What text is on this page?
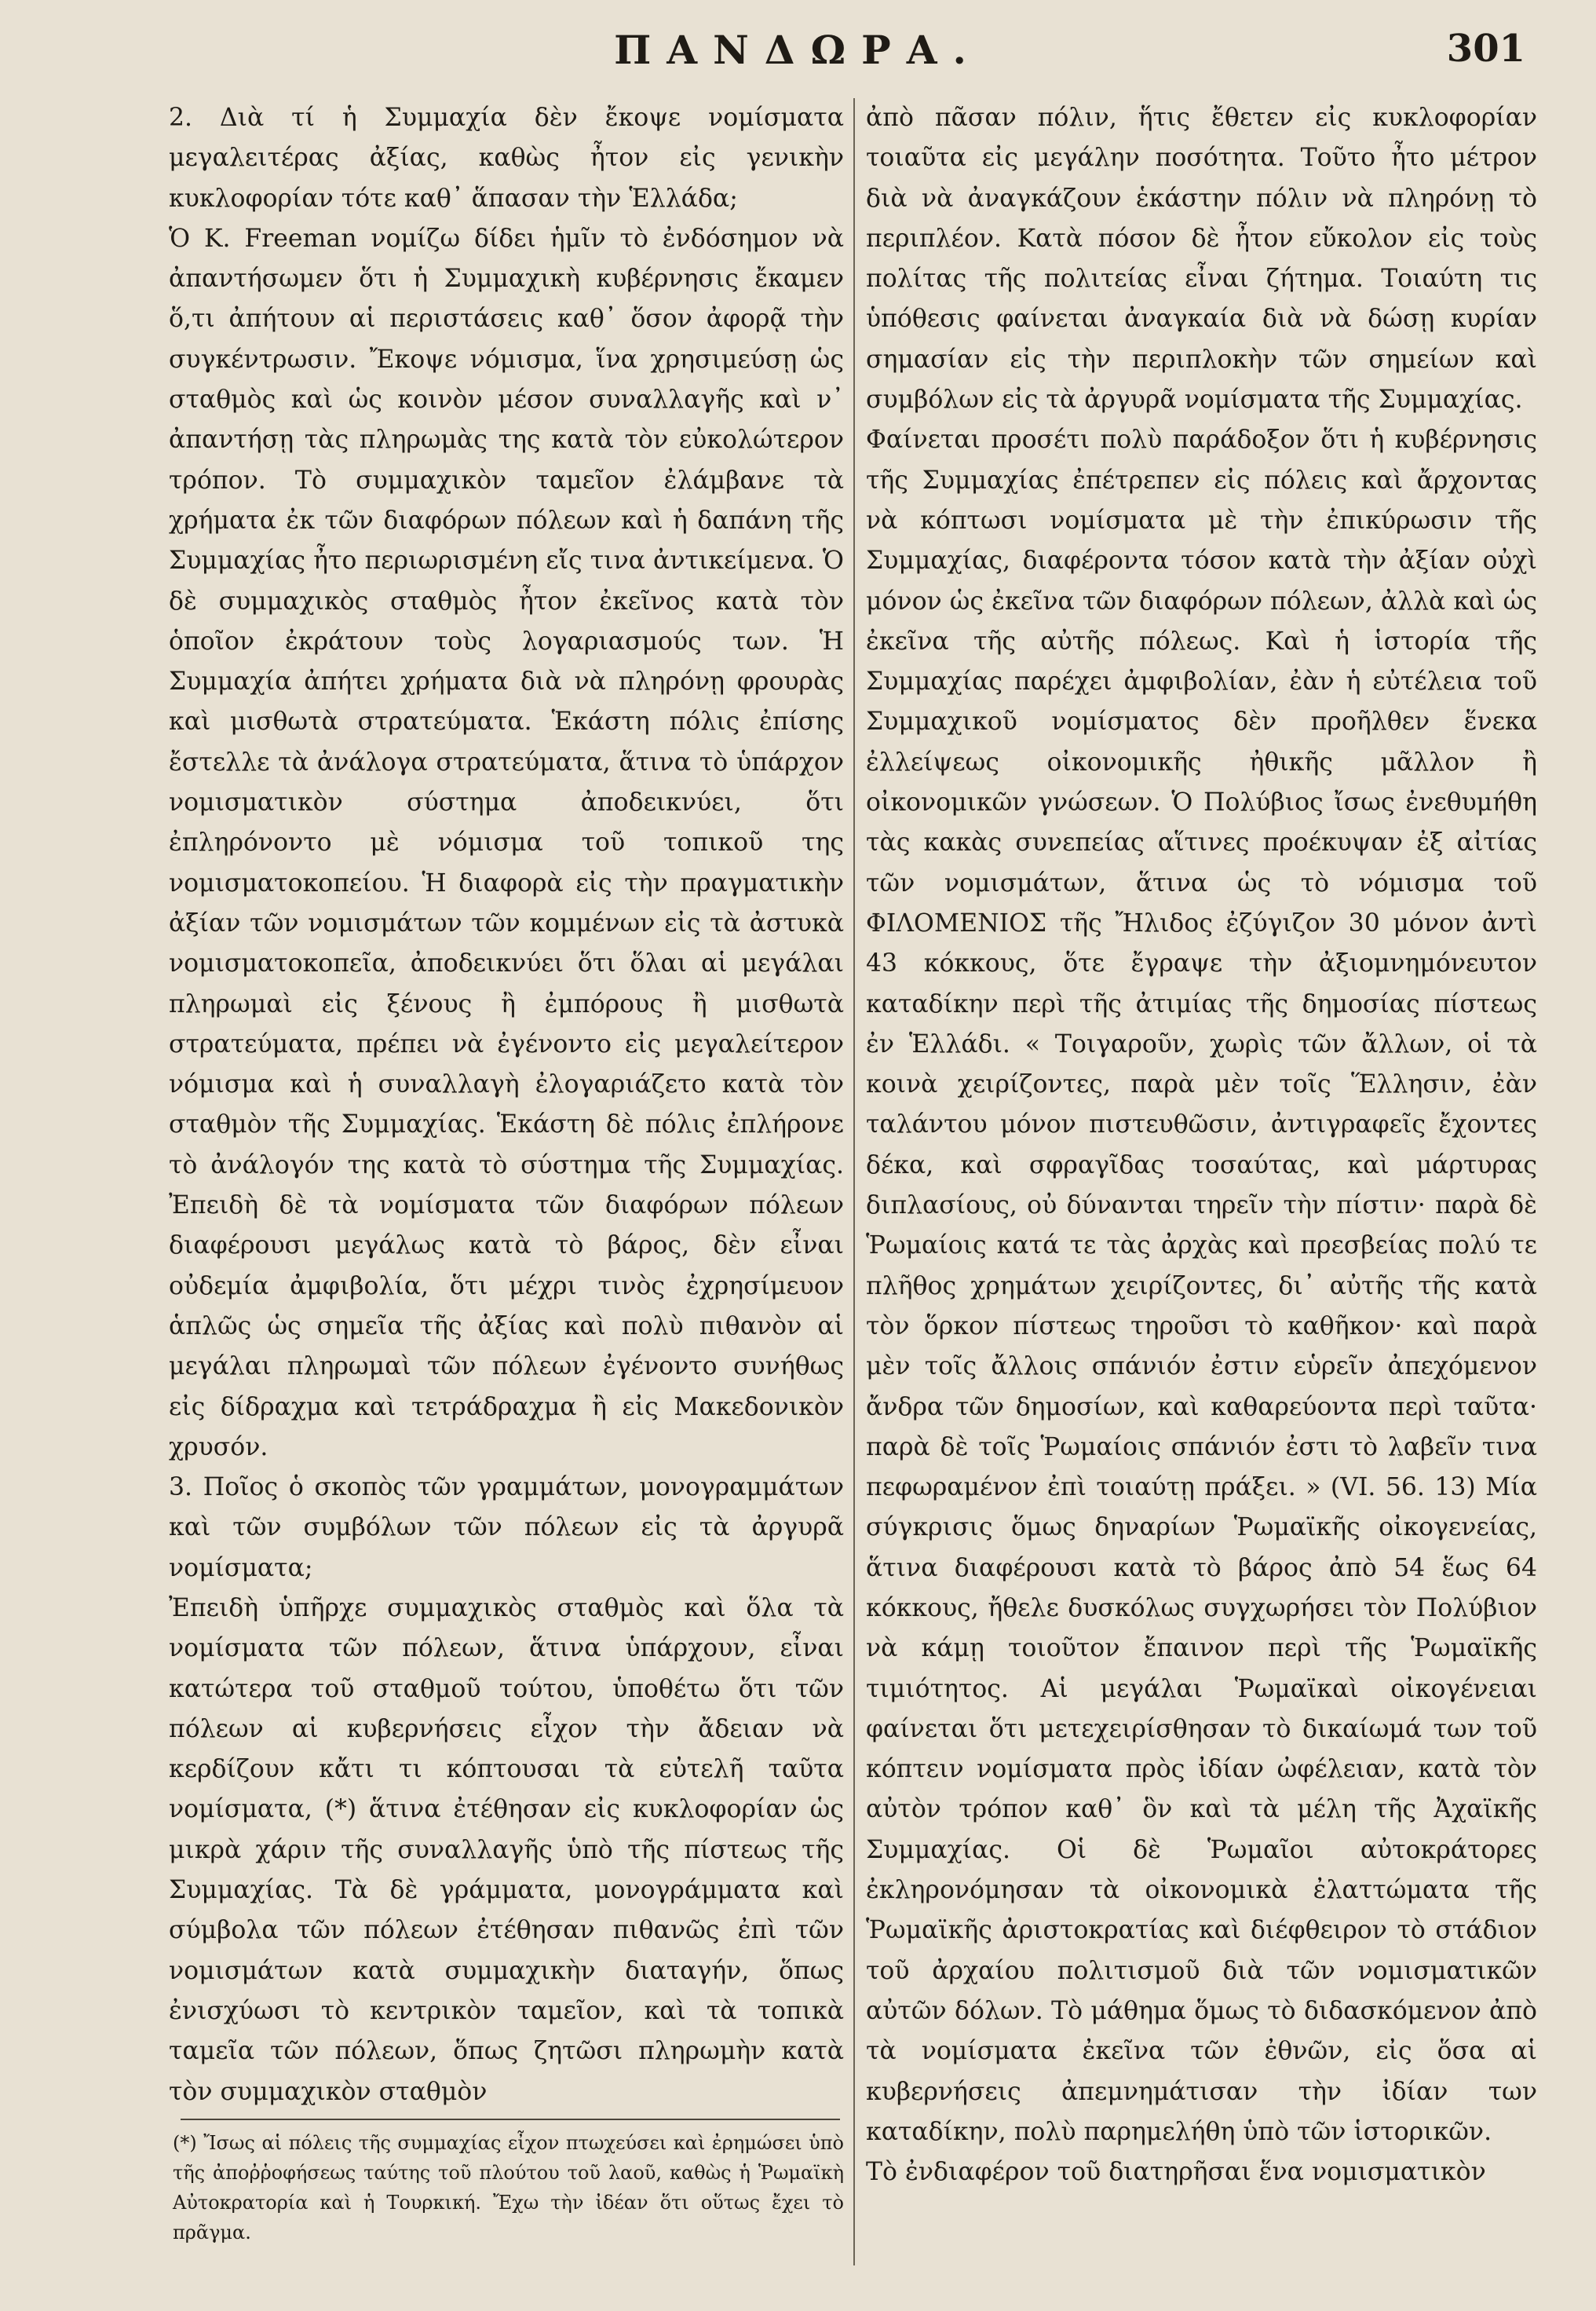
ΠΑΝΔΩΡΑ.	301

2. Διὰ τί ἡ Συμμαχία δὲν ἔκοψε νομίσματα μεγαλειτέρας ἀξίας, καθὼς ἦτον εἰς γενικὴν κυκλοφορίαν τότε καθ᾽ ἅπασαν τὴν Ἑλλάδα;

Ὁ Κ. Freeman νομίζω δίδει ἡμῖν τὸ ἐνδόσημον νὰ ἀπαντήσωμεν ὅτι ἡ Συμμαχικὴ κυβέρνησις ἔκαμεν ὅ,τι ἀπήτουν αἱ περιστάσεις καθ᾽ ὅσον ἀφορᾷ τὴν συγκέντρωσιν. Ἔκοψε νόμισμα, ἵνα χρησιμεύσῃ ὡς σταθμὸς καὶ ὡς κοινὸν μέσον συναλλαγῆς καὶ ν᾽ ἀπαντήσῃ τὰς πληρωμὰς της κατὰ τὸν εὐκολώτερον τρόπον. Τὸ συμμαχικὸν ταμεῖον ἐλάμβανε τὰ χρήματα ἐκ τῶν διαφόρων πόλεων καὶ ἡ δαπάνη τῆς Συμμαχίας ἦτο περιωρισμένη εἴς τινα ἀντικείμενα. Ὁ δὲ συμμαχικὸς σταθμὸς ἦτον ἐκεῖνος κατὰ τὸν ὁποῖον ἐκράτουν τοὺς λογαριασμούς των. Ἡ Συμμαχία ἀπήτει χρήματα διὰ νὰ πληρόνῃ φρουρὰς καὶ μισθωτὰ στρατεύματα. Ἑκάστη πόλις ἐπίσης ἔστελλε τὰ ἀνάλογα στρατεύματα, ἅτινα τὸ ὑπάρχον νομισματικὸν σύστημα ἀποδεικνύει, ὅτι ἐπληρόνοντο μὲ νόμισμα τοῦ τοπικοῦ της νομισματοκοπείου. Ἡ διαφορὰ εἰς τὴν πραγματικὴν ἀξίαν τῶν νομισμάτων τῶν κομμένων εἰς τὰ ἀστυκὰ νομισματοκοπεῖα, ἀποδεικνύει ὅτι ὅλαι αἱ μεγάλαι πληρωμαὶ εἰς ξένους ἢ ἐμπόρους ἢ μισθωτὰ στρατεύματα, πρέπει νὰ ἐγένοντο εἰς μεγαλείτερον νόμισμα καὶ ἡ συναλλαγὴ ἐλογαριάζετο κατὰ τὸν σταθμὸν τῆς Συμμαχίας. Ἑκάστη δὲ πόλις ἐπλήρονε τὸ ἀνάλογόν της κατὰ τὸ σύστημα τῆς Συμμαχίας. Ἐπειδὴ δὲ τὰ νομίσματα τῶν διαφόρων πόλεων διαφέρουσι μεγάλως κατὰ τὸ βάρος, δὲν εἶναι οὐδεμία ἀμφιβολία, ὅτι μέχρι τινὸς ἐχρησίμευον ἁπλῶς ὡς σημεῖα τῆς ἀξίας καὶ πολὺ πιθανὸν αἱ μεγάλαι πληρωμαὶ τῶν πόλεων ἐγένοντο συνήθως εἰς δίδραχμα καὶ τετράδραχμα ἢ εἰς Μακεδονικὸν χρυσόν.

3. Ποῖος ὁ σκοπὸς τῶν γραμμάτων, μονογραμμάτων καὶ τῶν συμβόλων τῶν πόλεων εἰς τὰ ἀργυρᾶ νομίσματα;

Ἐπειδὴ ὑπῆρχε συμμαχικὸς σταθμὸς καὶ ὅλα τὰ νομίσματα τῶν πόλεων, ἅτινα ὑπάρχουν, εἶναι κατώτερα τοῦ σταθμοῦ τούτου, ὑποθέτω ὅτι τῶν πόλεων αἱ κυβερνήσεις εἶχον τὴν ἄδειαν νὰ κερδίζουν κἄτι τι κόπτουσαι τὰ εὐτελῆ ταῦτα νομίσματα, (*) ἅτινα ἐτέθησαν εἰς κυκλοφορίαν ὡς μικρὰ χάριν τῆς συναλλαγῆς ὑπὸ τῆς πίστεως τῆς Συμμαχίας. Τὰ δὲ γράμματα, μονογράμματα καὶ σύμβολα τῶν πόλεων ἐτέθησαν πιθανῶς ἐπὶ τῶν νομισμάτων κατὰ συμμαχικὴν διαταγήν, ὅπως ἐνισχύωσι τὸ κεντρικὸν ταμεῖον, καὶ τὰ τοπικὰ ταμεῖα τῶν πόλεων, ὅπως ζητῶσι πληρωμὴν κατὰ τὸν συμμαχικὸν σταθμὸν

ἀπὸ πᾶσαν πόλιν, ἥτις ἔθετεν εἰς κυκλοφορίαν τοιαῦτα εἰς μεγάλην ποσότητα. Τοῦτο ἦτο μέτρον διὰ νὰ ἀναγκάζουν ἑκάστην πόλιν νὰ πληρόνῃ τὸ περιπλέον. Κατὰ πόσον δὲ ἦτον εὔκολον εἰς τοὺς πολίτας τῆς πολιτείας εἶναι ζήτημα. Τοιαύτη τις ὑπόθεσις φαίνεται ἀναγκαία διὰ νὰ δώσῃ κυρίαν σημασίαν εἰς τὴν περιπλοκὴν τῶν σημείων καὶ συμβόλων εἰς τὰ ἀργυρᾶ νομίσματα τῆς Συμμαχίας.

Φαίνεται προσέτι πολὺ παράδοξον ὅτι ἡ κυβέρνησις τῆς Συμμαχίας ἐπέτρεπεν εἰς πόλεις καὶ ἄρχοντας νὰ κόπτωσι νομίσματα μὲ τὴν ἐπικύρωσιν τῆς Συμμαχίας, διαφέροντα τόσον κατὰ τὴν ἀξίαν οὐχὶ μόνον ὡς ἐκεῖνα τῶν διαφόρων πόλεων, ἀλλὰ καὶ ὡς ἐκεῖνα τῆς αὐτῆς πόλεως. Καὶ ἡ ἱστορία τῆς Συμμαχίας παρέχει ἀμφιβολίαν, ἐὰν ἡ εὐτέλεια τοῦ Συμμαχικοῦ νομίσματος δὲν προῆλθεν ἕνεκα ἐλλείψεως οἰκονομικῆς ἠθικῆς μᾶλλον ἢ οἰκονομικῶν γνώσεων. Ὁ Πολύβιος ἴσως ἐνεθυμήθη τὰς κακὰς συνεπείας αἵτινες προέκυψαν ἐξ αἰτίας τῶν νομισμάτων, ἅτινα ὡς τὸ νόμισμα τοῦ ΦΙΛΟΜΕΝΙΟΣ τῆς Ἤλιδος ἐζύγιζον 30 μόνον ἀντὶ 43 κόκκους, ὅτε ἔγραψε τὴν ἀξιομνημόνευτον καταδίκην περὶ τῆς ἀτιμίας τῆς δημοσίας πίστεως ἐν Ἑλλάδι. « Τοιγαροῦν, χωρὶς τῶν ἄλλων, οἱ τὰ κοινὰ χειρίζοντες, παρὰ μὲν τοῖς Ἕλλησιν, ἐὰν ταλάντου μόνον πιστευθῶσιν, ἀντιγραφεῖς ἔχοντες δέκα, καὶ σφραγῖδας τοσαύτας, καὶ μάρτυρας διπλασίους, οὐ δύνανται τηρεῖν τὴν πίστιν· παρὰ δὲ Ῥωμαίοις κατά τε τὰς ἀρχὰς καὶ πρεσβείας πολύ τε πλῆθος χρημάτων χειρίζοντες, δι᾽ αὐτῆς τῆς κατὰ τὸν ὅρκον πίστεως τηροῦσι τὸ καθῆκον· καὶ παρὰ μὲν τοῖς ἄλλοις σπάνιόν ἐστιν εὑρεῖν ἀπεχόμενον ἄνδρα τῶν δημοσίων, καὶ καθαρεύοντα περὶ ταῦτα· παρὰ δὲ τοῖς Ῥωμαίοις σπάνιόν ἐστι τὸ λαβεῖν τινα πεφωραμένον ἐπὶ τοιαύτῃ πράξει. » (VI. 56. 13) Μία σύγκρισις ὅμως δηναρίων Ῥωμαϊκῆς οἰκογενείας, ἅτινα διαφέρουσι κατὰ τὸ βάρος ἀπὸ 54 ἕως 64 κόκκους, ἤθελε δυσκόλως συγχωρήσει τὸν Πολύβιον νὰ κάμῃ τοιοῦτον ἔπαινον περὶ τῆς Ῥωμαϊκῆς τιμιότητος. Αἱ μεγάλαι Ῥωμαϊκαὶ οἰκογένειαι φαίνεται ὅτι μετεχειρίσθησαν τὸ δικαίωμά των τοῦ κόπτειν νομίσματα πρὸς ἰδίαν ὠφέλειαν, κατὰ τὸν αὐτὸν τρόπον καθ᾽ ὃν καὶ τὰ μέλη τῆς Ἀχαϊκῆς Συμμαχίας. Οἱ δὲ Ῥωμαῖοι αὐτοκράτορες ἐκληρονόμησαν τὰ οἰκονομικὰ ἐλαττώματα τῆς Ῥωμαϊκῆς ἀριστοκρατίας καὶ διέφθειρον τὸ στάδιον τοῦ ἀρχαίου πολιτισμοῦ διὰ τῶν νομισματικῶν αὐτῶν δόλων. Τὸ μάθημα ὅμως τὸ διδασκόμενον ἀπὸ τὰ νομίσματα ἐκεῖνα τῶν ἐθνῶν, εἰς ὅσα αἱ κυβερνήσεις ἀπεμνημάτισαν τὴν ἰδίαν των καταδίκην, πολὺ παρημελήθη ὑπὸ τῶν ἱστορικῶν.

Τὸ ἐνδιαφέρον τοῦ διατηρῆσαι ἕνα νομισματικὸν

(*) Ἴσως αἱ πόλεις τῆς συμμαχίας εἶχον πτωχεύσει καὶ ἐρημώσει ὑπὸ τῆς ἀποῤῥοφήσεως ταύτης τοῦ πλούτου τοῦ λαοῦ, καθὼς ἡ Ῥωμαϊκὴ Αὐτοκρατορία καὶ ἡ Τουρκική. Ἔχω τὴν ἰδέαν ὅτι οὕτως ἔχει τὸ πρᾶγμα.
